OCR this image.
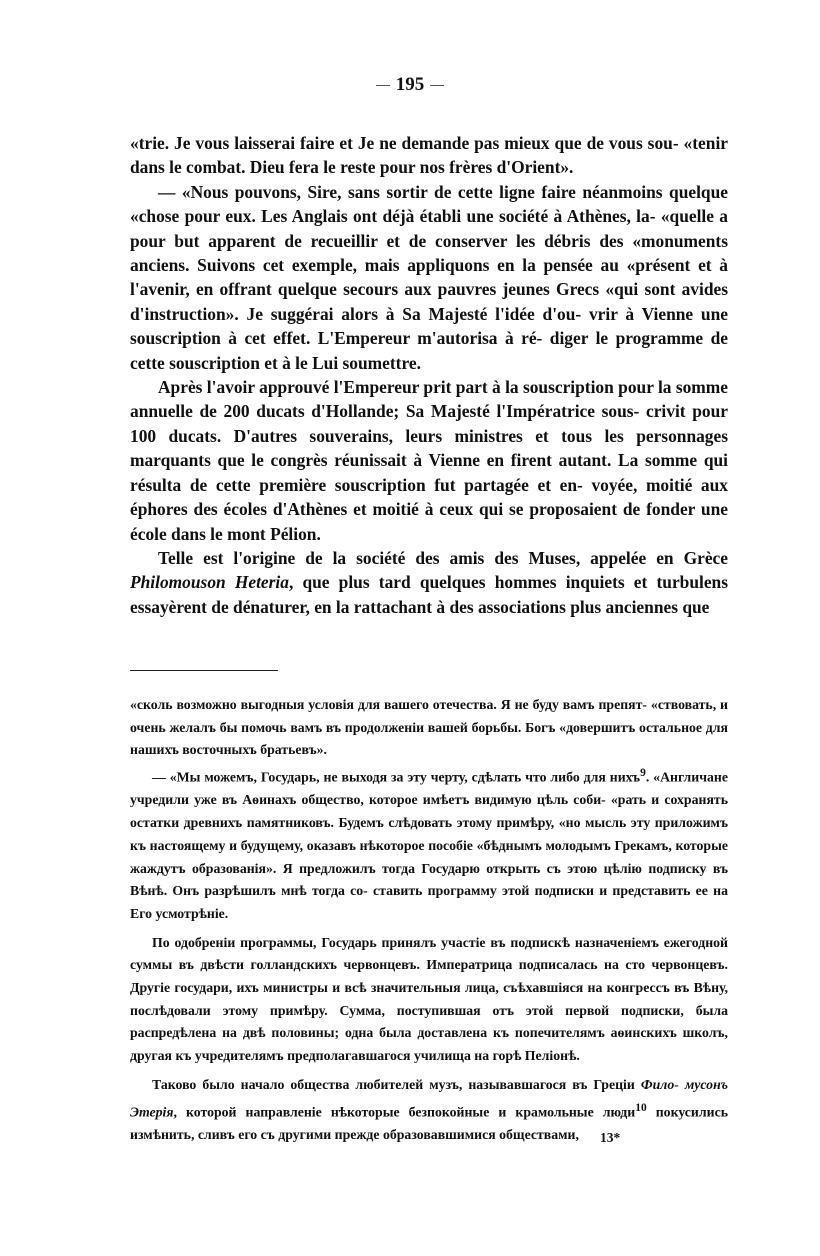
195

«trie. Je vous laisserai faire et Je ne demande pas mieux que de vous sou- «tenir dans le combat. Dieu fera le reste pour nos frères d'Orient».

— «Nous pouvons, Sire, sans sortir de cette ligne faire néanmoins quelque «chose pour eux. Les Anglais ont déjà établi une société à Athènes, la- «quelle a pour but apparent de recueillir et de conserver les débris des «monuments anciens. Suivons cet exemple, mais appliquons en la pensée au «présent et à l'avenir, en offrant quelque secours aux pauvres jeunes Grecs «qui sont avides d'instruction». Je suggérai alors à Sa Majesté l'idée d'ou- vrir à Vienne une souscription à cet effet. L'Empereur m'autorisa à ré- diger le programme de cette souscription et à le Lui soumettre.

Après l'avoir approuvé l'Empereur prit part à la souscription pour la somme annuelle de 200 ducats d'Hollande; Sa Majesté l'Impératrice sous- crivit pour 100 ducats. D'autres souverains, leurs ministres et tous les personnages marquants que le congrès réunissait à Vienne en firent autant. La somme qui résulta de cette première souscription fut partagée et en- voyée, moitié aux éphores des écoles d'Athènes et moitié à ceux qui se proposaient de fonder une école dans le mont Pélion.

Telle est l'origine de la société des amis des Muses, appelée en Grèce Philomouson Heteria, que plus tard quelques hommes inquiets et turbulens essayèrent de dénaturer, en la rattachant à des associations plus anciennes que

«сколь возможно выгодныя условія для вашего отечества. Я не буду вамъ препят- «ствовать, и очень желалъ бы помочь вамъ въ продолженіи вашей борьбы. Богъ «довершитъ остальное для нашихъ восточныхъ братьевъ».

— «Мы можемъ, Государь, не выходя за эту черту, сдѣлать что либо для нихъ$^9$. «Англичане учредили уже въ Аѳинахъ общество, которое имѣетъ видимую цѣль соби- «рать и сохранять остатки древнихъ памятниковъ. Будемъ слѣдовать этому примѣру, «но мысль эту приложимъ къ настоящему и будущему, оказавъ нѣкоторое пособіе «бѣднымъ молодымъ Грекамъ, которые жаждутъ образованія». Я предложилъ тогда Государю открыть съ этою цѣлію подписку въ Вѣнѣ. Онъ разрѣшилъ мнѣ тогда со- ставить программу этой подписки и представить ее на Его усмотрѣніе.

По одобреніи программы, Государь принялъ участіе въ подпискѣ назначеніемъ ежегодной суммы въ двѣсти голландскихъ червонцевъ. Императрица подписалась на сто червонцевъ. Другіе государи, ихъ министры и всѣ значительныя лица, съѣхавшіяся на конгрессъ въ Вѣну, послѣдовали этому примѣру. Сумма, поступившая отъ этой первой подписки, была распредѣлена на двѣ половины; одна была доставлена къ попечителямъ аѳинскихъ школъ, другая къ учредителямъ предполагавшагося училища на горѣ Пеліонѣ.

Таково было начало общества любителей музъ, называвшагося въ Греціи Фило- мусонъ Этерія, которой направленіе нѣкоторые безпокойные и крамольные люди$^{10}$ покусились измѣнить, сливъ его съ другими прежде образовавшимися обществами,	13*
